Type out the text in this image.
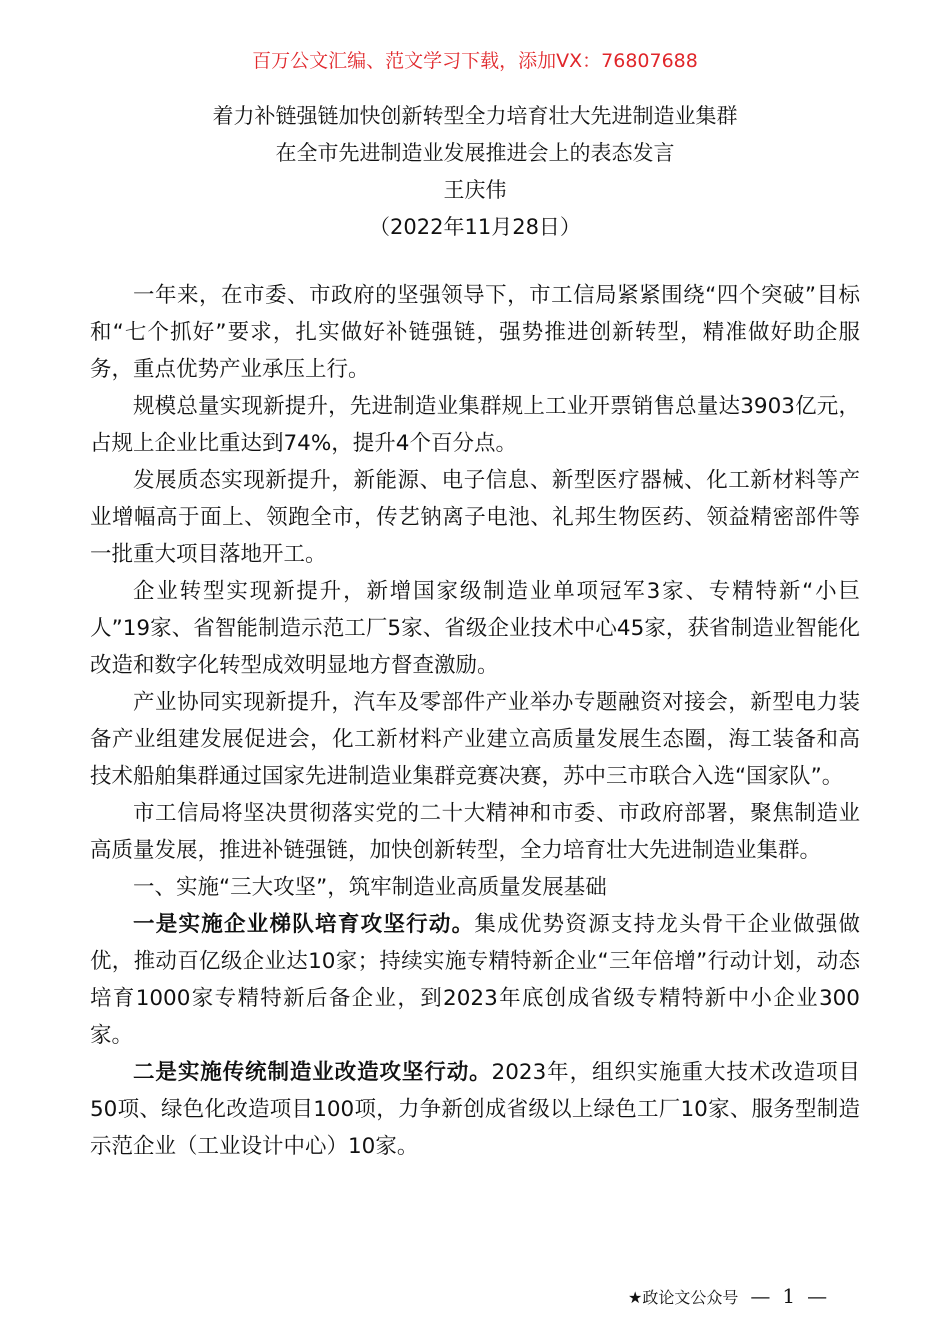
百万公文汇编、范文学习下载，添加VX：76807688
着力补链强链加快创新转型全力培育壮大先进制造业集群
在全市先进制造业发展推进会上的表态发言
王庆伟
（2022年11月28日）

一年来，在市委、市政府的坚强领导下，市工信局紧紧围绕“四个突破”目标和“七个抓好”要求，扎实做好补链强链，强势推进创新转型，精准做好助企服务，重点优势产业承压上行。

规模总量实现新提升，先进制造业集群规上工业开票销售总量达3903亿元，占规上企业比重达到74%，提升4个百分点。

发展质态实现新提升，新能源、电子信息、新型医疗器械、化工新材料等产业增幅高于面上、领跑全市，传艺钠离子电池、礼邦生物医药、领益精密部件等一批重大项目落地开工。

企业转型实现新提升，新增国家级制造业单项冠军3家、专精特新“小巨人”19家、省智能制造示范工厂5家、省级企业技术中心45家，获省制造业智能化改造和数字化转型成效明显地方督查激励。

产业协同实现新提升，汽车及零部件产业举办专题融资对接会，新型电力装备产业组建发展促进会，化工新材料产业建立高质量发展生态圈，海工装备和高技术船舶集群通过国家先进制造业集群竞赛决赛，苏中三市联合入选“国家队”。

市工信局将坚决贯彻落实党的二十大精神和市委、市政府部署，聚焦制造业高质量发展，推进补链强链，加快创新转型，全力培育壮大先进制造业集群。

一、实施“三大攻坚”，筑牢制造业高质量发展基础

一是实施企业梯队培育攻坚行动。集成优势资源支持龙头骨干企业做强做优，推动百亿级企业达10家；持续实施专精特新企业“三年倍增”行动计划，动态培育1000家专精特新后备企业，到2023年底创成省级专精特新中小企业300家。

二是实施传统制造业改造攻坚行动。2023年，组织实施重大技术改造项目50项、绿色化改造项目100项，力争新创成省级以上绿色工厂10家、服务型制造示范企业（工业设计中心）10家。

★政论文公众号 — 1 —
